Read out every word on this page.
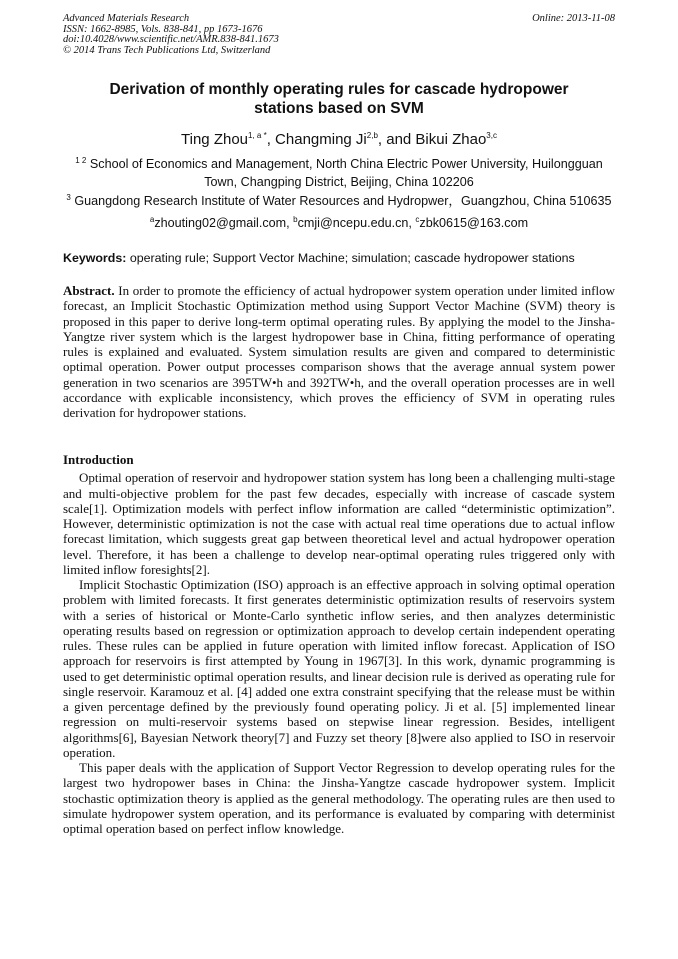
Advanced Materials Research
ISSN: 1662-8985, Vols. 838-841, pp 1673-1676
doi:10.4028/www.scientific.net/AMR.838-841.1673
© 2014 Trans Tech Publications Ltd, Switzerland
Online: 2013-11-08
Derivation of monthly operating rules for cascade hydropower stations based on SVM
Ting Zhou$^{1, a *}$, Changming Ji$^{2,b}$, and Bikui Zhao$^{3,c}$
$^{1 2}$ School of Economics and Management, North China Electric Power University, Huilongguan Town, Changping District, Beijing, China 102206
$^3$ Guangdong Research Institute of Water Resources and Hydropwer，Guangzhou, China 510635
$^a$zhouting02@gmail.com, $^b$cmji@ncepu.edu.cn, $^c$zbk0615@163.com
Keywords: operating rule; Support Vector Machine; simulation; cascade hydropower stations

Abstract. In order to promote the efficiency of actual hydropower system operation under limited inflow forecast, an Implicit Stochastic Optimization method using Support Vector Machine (SVM) theory is proposed in this paper to derive long-term optimal operating rules. By applying the model to the Jinsha-Yangtze river system which is the largest hydropower base in China, fitting performance of operating rules is explained and evaluated. System simulation results are given and compared to deterministic optimal operation. Power output processes comparison shows that the average annual system power generation in two scenarios are 395TW•h and 392TW•h, and the overall operation processes are in well accordance with explicable inconsistency, which proves the efficiency of SVM in operating rules derivation for hydropower stations.

Introduction

Optimal operation of reservoir and hydropower station system has long been a challenging multi-stage and multi-objective problem for the past few decades, especially with increase of cascade system scale[1]. Optimization models with perfect inflow information are called “deterministic optimization”. However, deterministic optimization is not the case with actual real time operations due to actual inflow forecast limitation, which suggests great gap between theoretical level and actual hydropower operation level. Therefore, it has been a challenge to develop near-optimal operating rules triggered only with limited inflow foresights[2].

Implicit Stochastic Optimization (ISO) approach is an effective approach in solving optimal operation problem with limited forecasts. It first generates deterministic optimization results of reservoirs system with a series of historical or Monte-Carlo synthetic inflow series, and then analyzes deterministic operating results based on regression or optimization approach to develop certain independent operating rules. These rules can be applied in future operation with limited inflow forecast. Application of ISO approach for reservoirs is first attempted by Young in 1967[3]. In this work, dynamic programming is used to get deterministic optimal operation results, and linear decision rule is derived as operating rule for single reservoir. Karamouz et al. [4] added one extra constraint specifying that the release must be within a given percentage defined by the previously found operating policy. Ji et al. [5] implemented linear regression on multi-reservoir systems based on stepwise linear regression. Besides, intelligent algorithms[6], Bayesian Network theory[7] and Fuzzy set theory [8]were also applied to ISO in reservoir operation.

This paper deals with the application of Support Vector Regression to develop operating rules for the largest two hydropower bases in China: the Jinsha-Yangtze cascade hydropower system. Implicit stochastic optimization theory is applied as the general methodology. The operating rules are then used to simulate hydropower system operation, and its performance is evaluated by comparing with determinist optimal operation based on perfect inflow knowledge.
